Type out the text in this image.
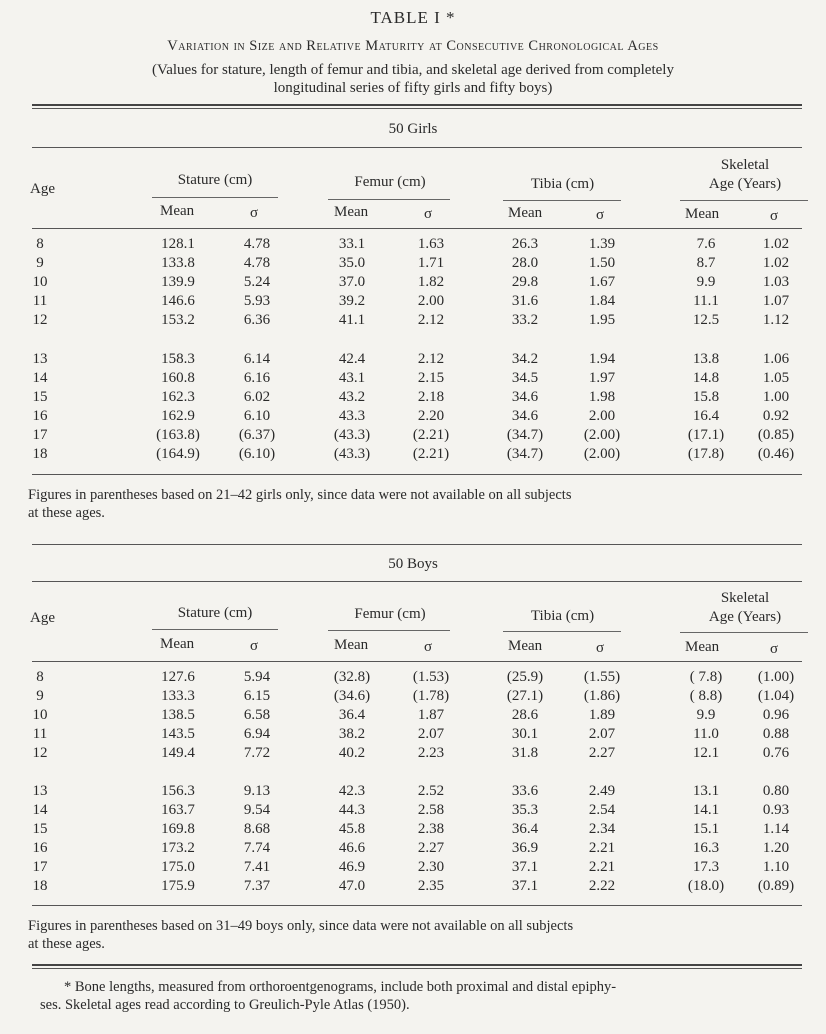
TABLE I *
Variation in Size and Relative Maturity at Consecutive Chronological Ages
(Values for stature, length of femur and tibia, and skeletal age derived from completely
longitudinal series of fifty girls and fifty boys)
50 Girls
Age
Stature (cm)	Femur (cm)	Tibia (cm)
Skeletal
Age (Years)
Mean	σ	Mean	σ	Mean	σ	Mean	σ
8	128.1	4.78	33.1	1.63	26.3	1.39	7.6	1.02
9	133.8	4.78	35.0	1.71	28.0	1.50	8.7	1.02
10	139.9	5.24	37.0	1.82	29.8	1.67	9.9	1.03
11	146.6	5.93	39.2	2.00	31.6	1.84	11.1	1.07
12	153.2	6.36	41.1	2.12	33.2	1.95	12.5	1.12
13	158.3	6.14	42.4	2.12	34.2	1.94	13.8	1.06
14	160.8	6.16	43.1	2.15	34.5	1.97	14.8	1.05
15	162.3	6.02	43.2	2.18	34.6	1.98	15.8	1.00
16	162.9	6.10	43.3	2.20	34.6	2.00	16.4	0.92
17	(163.8)	(6.37)	(43.3)	(2.21)	(34.7)	(2.00)	(17.1)	(0.85)
18	(164.9)	(6.10)	(43.3)	(2.21)	(34.7)	(2.00)	(17.8)	(0.46)
Figures in parentheses based on 21–42 girls only, since data were not available on all subjects
at these ages.
50 Boys
Age	Stature (cm)	Femur (cm)	Tibia (cm)
Skeletal
Age (Years)
Mean	σ	Mean	σ	Mean	σ	Mean	σ
8	127.6	5.94	(32.8)	(1.53)	(25.9)	(1.55)	( 7.8)	(1.00)
9	133.3	6.15	(34.6)	(1.78)	(27.1)	(1.86)	( 8.8)	(1.04)
10	138.5	6.58	36.4	1.87	28.6	1.89	9.9	0.96
11	143.5	6.94	38.2	2.07	30.1	2.07	11.0	0.88
12	149.4	7.72	40.2	2.23	31.8	2.27	12.1	0.76
13	156.3	9.13	42.3	2.52	33.6	2.49	13.1	0.80
14	163.7	9.54	44.3	2.58	35.3	2.54	14.1	0.93
15	169.8	8.68	45.8	2.38	36.4	2.34	15.1	1.14
16	173.2	7.74	46.6	2.27	36.9	2.21	16.3	1.20
17	175.0	7.41	46.9	2.30	37.1	2.21	17.3	1.10
18	175.9	7.37	47.0	2.35	37.1	2.22	(18.0)	(0.89)
Figures in parentheses based on 31–49 boys only, since data were not available on all subjects
at these ages.
* Bone lengths, measured from orthoroentgenograms, include both proximal and distal epiphy-
ses. Skeletal ages read according to Greulich-Pyle Atlas (1950).
